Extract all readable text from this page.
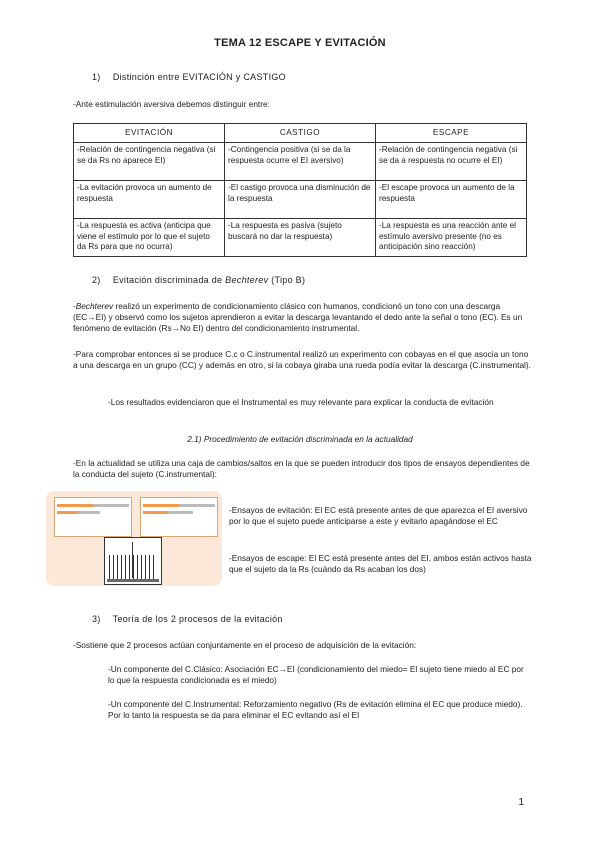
TEMA 12 ESCAPE Y EVITACIÓN
1) Distinción entre EVITACIÓN y CASTIGO
-Ante estimulación aversiva debemos distinguir entre:
EVITACIÓN	CASTIGO	ESCAPE
-Relación de contingencia negativa (si se da Rs no aparece EI)	-Contingencia positiva (si se da la respuesta ocurre el EI aversivo)	-Relación de contingencia negativa (si se da a respuesta no ocurre el EI)
-La evitación provoca un aumento de respuesta	-El castigo provoca una disminución de la respuesta	-El escape provoca un aumento de la respuesta
-La respuesta es activa (anticipa que viene el estímulo por lo que el sujeto da Rs para que no ocurra)	-La respuesta es pasiva (sujeto buscará no dar la respuesta)	-La respuesta es una reacción ante el estímulo aversivo presente (no es anticipación sino reacción)
2) Evitación discriminada de Bechterev (Tipo B)
-Bechterev realizó un experimento de condicionamiento clásico con humanos, condicionó un tono con una descarga (EC→EI) y observó como los sujetos aprendieron a evitar la descarga levantando el dedo ante la señal o tono (EC). Es un fenómeno de evitación (Rs→No EI) dentro del condicionamiento instrumental.
-Para comprobar entonces si se produce C.c o C.instrumental realizó un experimento con cobayas en el que asocia un tono a una descarga en un grupo (CC) y además en otro, si la cobaya giraba una rueda podía evitar la descarga (C.instrumental).
-Los resultados evidenciaron que el Instrumental es muy relevante para explicar la conducta de evitación
2.1) Procedimiento de evitación discriminada en la actualidad
-En la actualidad se utiliza una caja de cambios/saltos en la que se pueden introducir dos tipos de ensayos dependientes de la conducta del sujeto (C.instrumental):
-Ensayos de evitación: El EC está presente antes de que aparezca el EI aversivo por lo que el sujeto puede anticiparse a este y evitarlo apagándose el EC
-Ensayos de escape: El EC está presente antes del EI, ambos están activos hasta que el sujeto da la Rs (cuándo da Rs acaban los dos)
3) Teoría de los 2 procesos de la evitación
-Sostiene que 2 procesos actúan conjuntamente en el proceso de adquisición de la evitación:
-Un componente del C.Clásico: Asociación EC→EI (condicionamiento del miedo= El sujeto tiene miedo al EC por lo que la respuesta condicionada es el miedo)
-Un componente del C.Instrumental: Reforzamiento negativo (Rs de evitación elimina el EC que produce miedo). Por lo tanto la respuesta se da para eliminar el EC evitando así el EI
1
